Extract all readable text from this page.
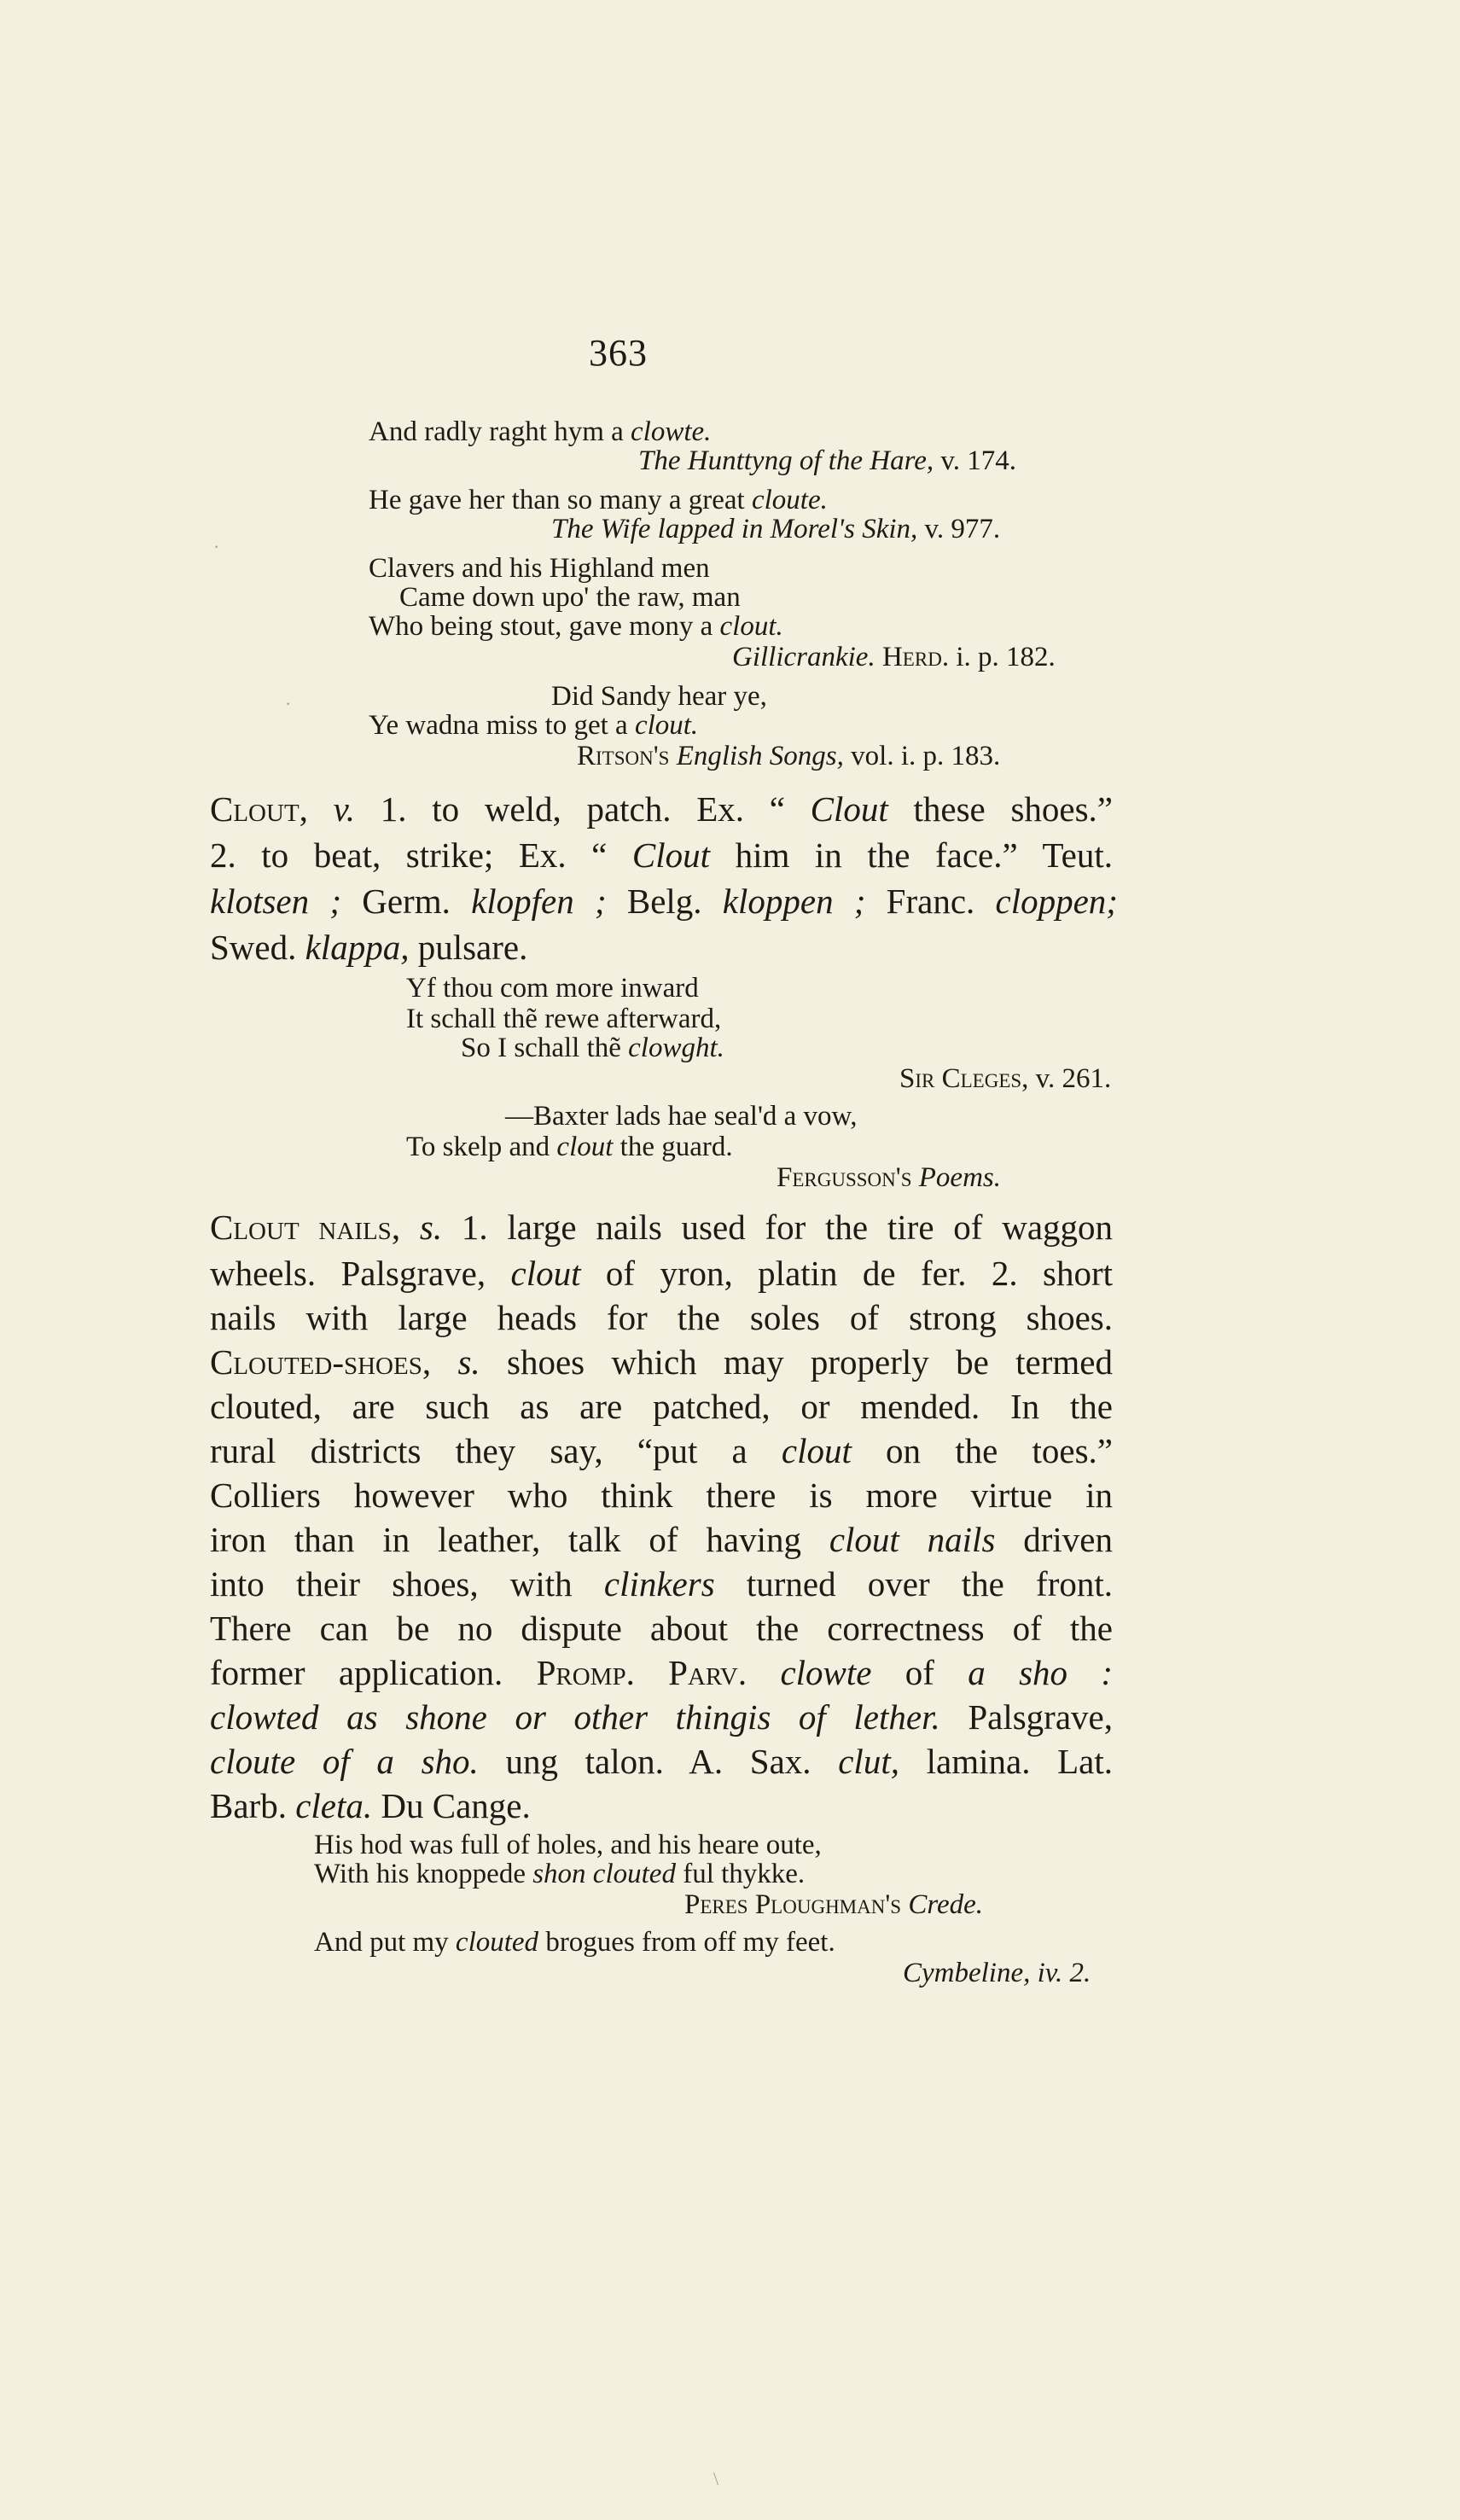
363
And radly raght hym a clowte.
The Hunttyng of the Hare, v. 174.
He gave her than so many a great cloute.
The Wife lapped in Morel's Skin, v. 977.
Clavers and his Highland men
Came down upo' the raw, man
Who being stout, gave mony a clout.
Gillicrankie. Herd. i. p. 182.
Did Sandy hear ye,
Ye wadna miss to get a clout.
Ritson's English Songs, vol. i. p. 183.
Clout, v. 1. to weld, patch. Ex. “ Clout these shoes.”
2. to beat, strike; Ex. “ Clout him in the face.” Teut.
klotsen ; Germ. klopfen ; Belg. kloppen ; Franc. cloppen;
Swed. klappa, pulsare.
Yf thou com more inward
It schall thẽ rewe afterward,
So I schall thẽ clowght.
Sir Cleges, v. 261.
—Baxter lads hae seal'd a vow,
To skelp and clout the guard.
Fergusson's Poems.
Clout nails, s. 1. large nails used for the tire of waggon
wheels. Palsgrave, clout of yron, platin de fer. 2. short
nails with large heads for the soles of strong shoes.
Clouted-shoes, s. shoes which may properly be termed
clouted, are such as are patched, or mended. In the
rural districts they say, “put a clout on the toes.”
Colliers however who think there is more virtue in
iron than in leather, talk of having clout nails driven
into their shoes, with clinkers turned over the front.
There can be no dispute about the correctness of the
former application. Promp. Parv. clowte of a sho :
clowted as shone or other thingis of lether. Palsgrave,
cloute of a sho. ung talon. A. Sax. clut, lamina. Lat.
Barb. cleta. Du Cange.
His hod was full of holes, and his heare oute,
With his knoppede shon clouted ful thykke.
Peres Ploughman's Crede.
And put my clouted brogues from off my feet.
Cymbeline, iv. 2.
·
·
\
